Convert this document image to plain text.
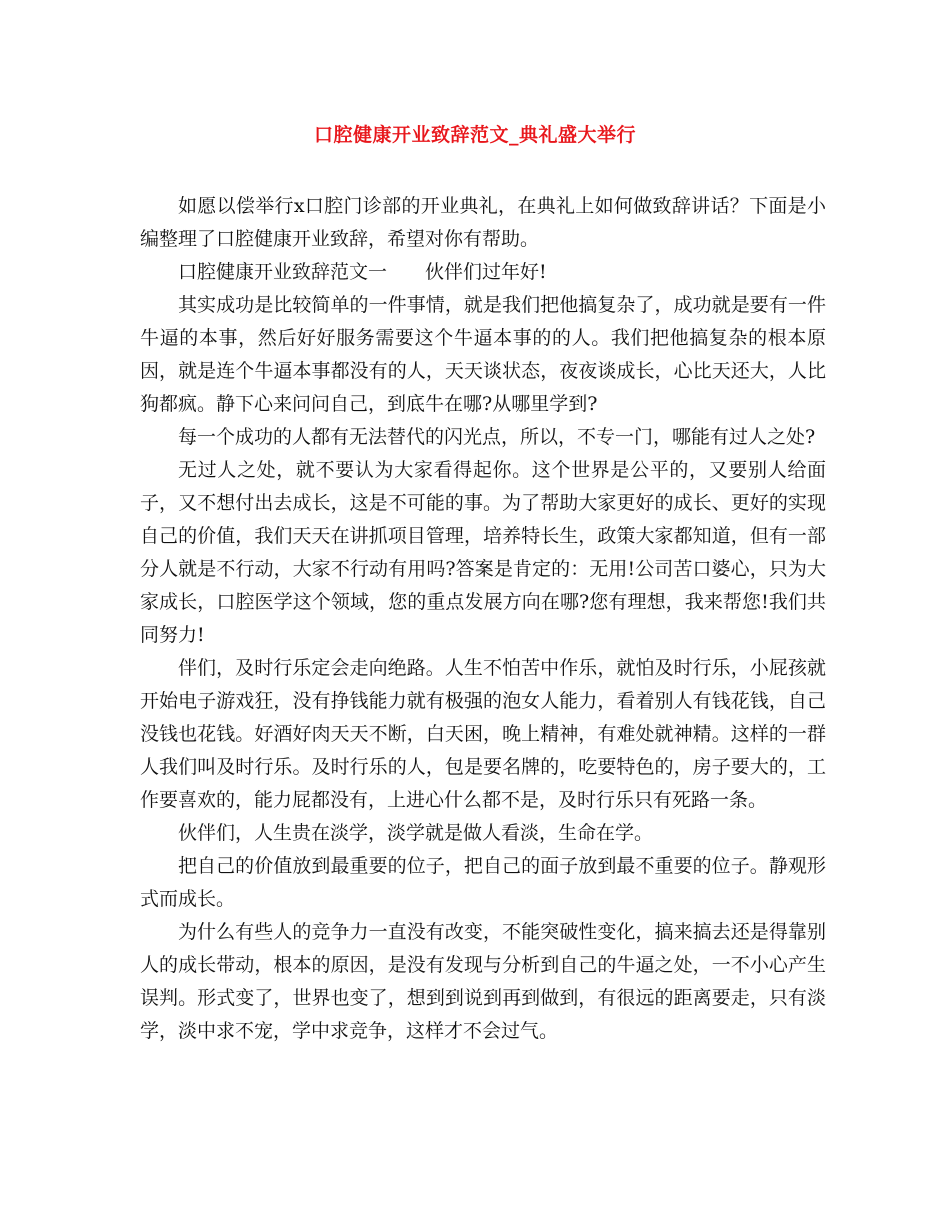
口腔健康开业致辞范文_典礼盛大举行

如愿以偿举行x口腔门诊部的开业典礼，在典礼上如何做致辞讲话？下面是小编整理了口腔健康开业致辞，希望对你有帮助。

口腔健康开业致辞范文一　　伙伴们过年好!

其实成功是比较简单的一件事情，就是我们把他搞复杂了，成功就是要有一件牛逼的本事，然后好好服务需要这个牛逼本事的的人。我们把他搞复杂的根本原因，就是连个牛逼本事都没有的人，天天谈状态，夜夜谈成长，心比天还大，人比狗都疯。静下心来问问自己，到底牛在哪?从哪里学到?

每一个成功的人都有无法替代的闪光点，所以，不专一门，哪能有过人之处?

无过人之处，就不要认为大家看得起你。这个世界是公平的，又要别人给面子，又不想付出去成长，这是不可能的事。为了帮助大家更好的成长、更好的实现自己的价值，我们天天在讲抓项目管理，培养特长生，政策大家都知道，但有一部分人就是不行动，大家不行动有用吗?答案是肯定的：无用!公司苦口婆心，只为大家成长，口腔医学这个领域，您的重点发展方向在哪?您有理想，我来帮您!我们共同努力!

伴们，及时行乐定会走向绝路。人生不怕苦中作乐，就怕及时行乐，小屁孩就开始电子游戏狂，没有挣钱能力就有极强的泡女人能力，看着别人有钱花钱，自己没钱也花钱。好酒好肉天天不断，白天困，晚上精神，有难处就神精。这样的一群人我们叫及时行乐。及时行乐的人，包是要名牌的，吃要特色的，房子要大的，工作要喜欢的，能力屁都没有，上进心什么都不是，及时行乐只有死路一条。

伙伴们，人生贵在淡学，淡学就是做人看淡，生命在学。

把自己的价值放到最重要的位子，把自己的面子放到最不重要的位子。静观形式而成长。

为什么有些人的竞争力一直没有改变，不能突破性变化，搞来搞去还是得靠别人的成长带动，根本的原因，是没有发现与分析到自己的牛逼之处，一不小心产生误判。形式变了，世界也变了，想到到说到再到做到，有很远的距离要走，只有淡学，淡中求不宠，学中求竞争，这样才不会过气。
